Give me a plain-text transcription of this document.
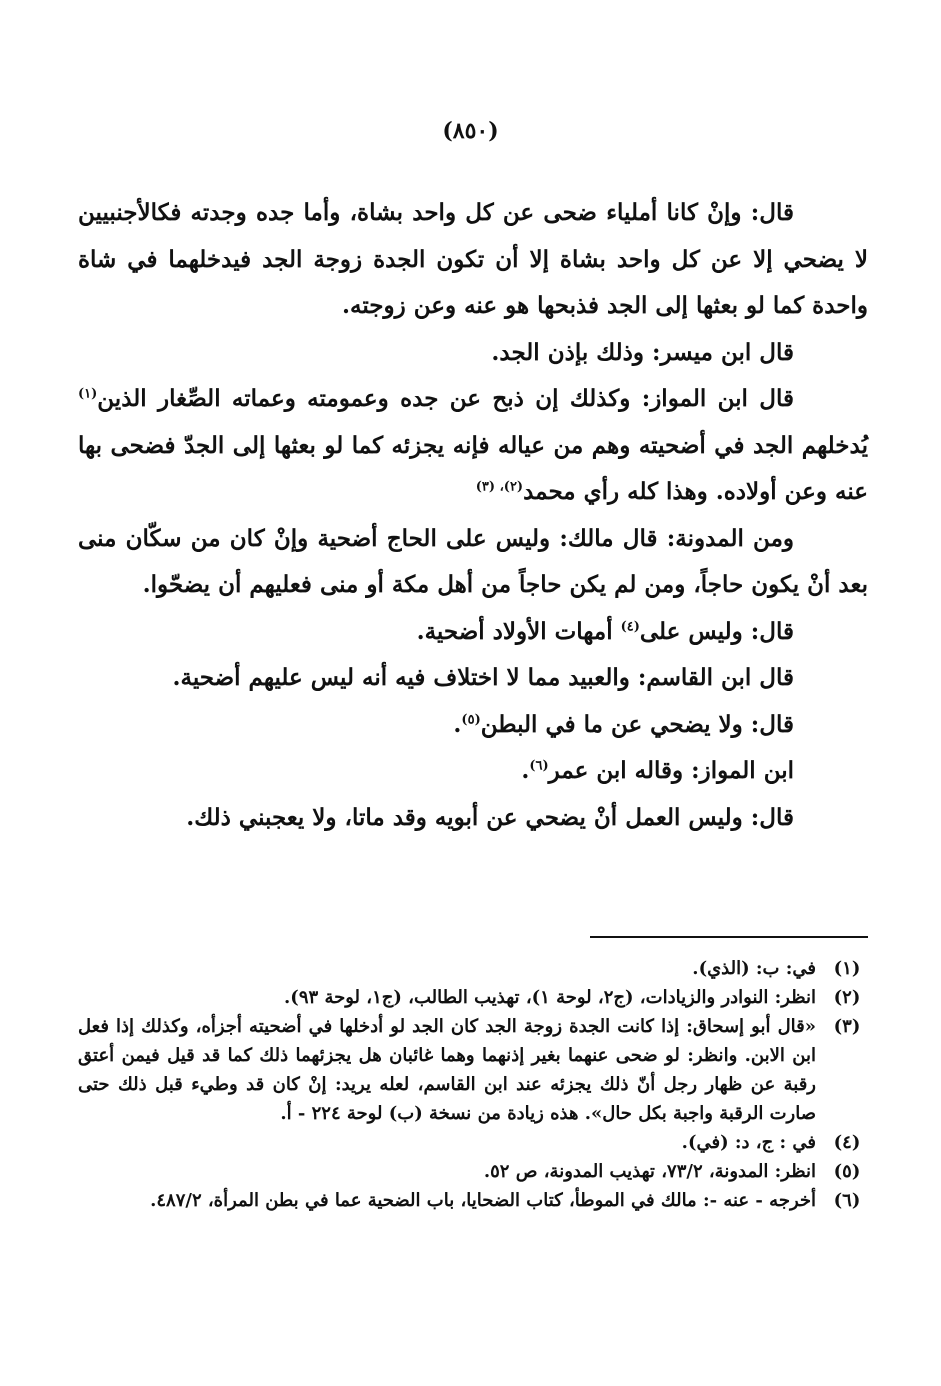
(٨٥٠)

قال: وإنْ كانا أملياء ضحى عن كل واحد بشاة، وأما جده وجدته فكالأجنبيين لا يضحي إلا عن كل واحد بشاة إلا أن تكون الجدة زوجة الجد فيدخلهما في شاة واحدة كما لو بعثها إلى الجد فذبحها هو عنه وعن زوجته.

قال ابن ميسر: وذلك بإذن الجد.

قال ابن المواز: وكذلك إن ذبح عن جده وعمومته وعماته الصِّغار الذين$^{(١)}$ يُدخلهم الجد في أضحيته وهم من عياله فإنه يجزئه كما لو بعثها إلى الجدّ فضحى بها عنه وعن أولاده. وهذا كله رأي محمد$^{(٢)، (٣)}$

ومن المدونة: قال مالك: وليس على الحاج أضحية وإنْ كان من سكّان منى بعد أنْ يكون حاجاً، ومن لم يكن حاجاً من أهل مكة أو منى فعليهم أن يضحّوا.

قال: وليس على$^{(٤)}$ أمهات الأولاد أضحية.

قال ابن القاسم: والعبيد مما لا اختلاف فيه أنه ليس عليهم أضحية.

قال: ولا يضحي عن ما في البطن$^{(٥)}$.

ابن المواز: وقاله ابن عمر$^{(٦)}$.

قال: وليس العمل أنْ يضحي عن أبويه وقد ماتا، ولا يعجبني ذلك.

(١)
في: ب: (الذي).
(٢)
انظر: النوادر والزيادات، (ج٢، لوحة ١)، تهذيب الطالب، (ج١، لوحة ٩٣).
(٣)
«قال أبو إسحاق: إذا كانت الجدة زوجة الجد كان الجد لو أدخلها في أضحيته أجزأه، وكذلك إذا فعل ابن الابن. وانظر: لو ضحى عنهما بغير إذنهما وهما غائبان هل يجزئهما ذلك كما قد قيل فيمن أعتق رقبة عن ظهار رجل أنّ ذلك يجزئه عند ابن القاسم، لعله يريد: إنْ كان قد وطيء قبل ذلك حتى صارت الرقبة واجبة بكل حال». هذه زيادة من نسخة (ب) لوحة ٢٢٤ - أ.
(٤)
في : ج، د: (في).
(٥)
انظر: المدونة، ٧٣/٢، تهذيب المدونة، ص ٥٢.
(٦)
أخرجه - عنه -: مالك في الموطأ، كتاب الضحايا، باب الضحية عما في بطن المرأة، ٤٨٧/٢.
